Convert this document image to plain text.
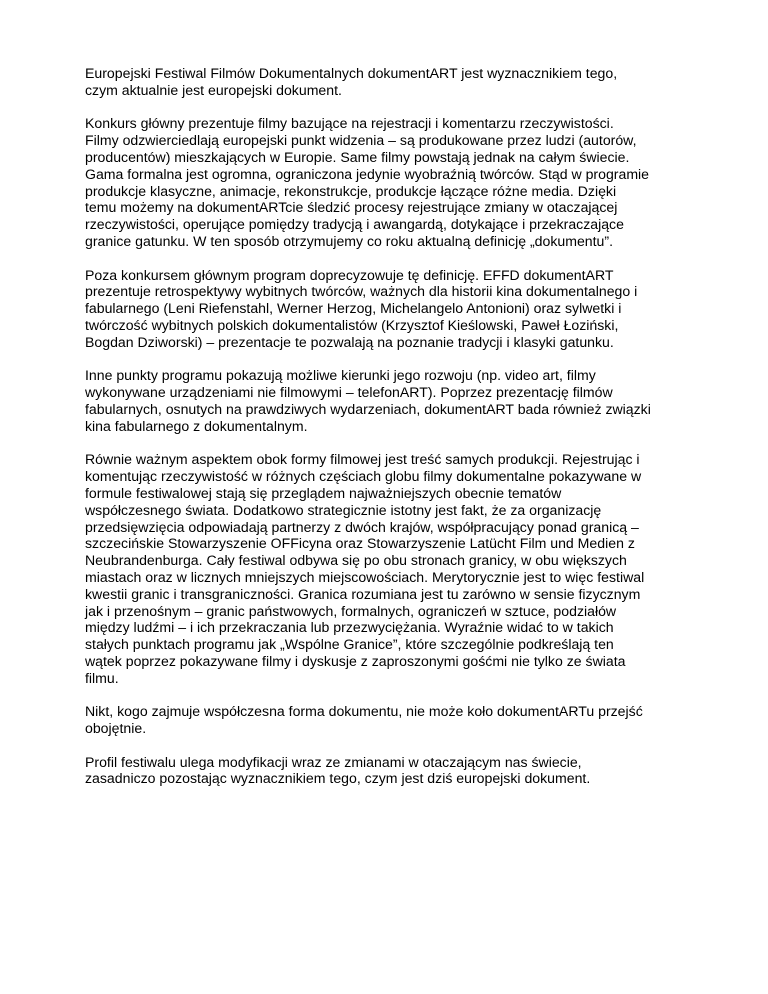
Europejski Festiwal Filmów Dokumentalnych dokumentART jest wyznacznikiem tego,
czym aktualnie jest europejski dokument.

Konkurs główny prezentuje filmy bazujące na rejestracji i komentarzu rzeczywistości.
Filmy odzwierciedlają europejski punkt widzenia – są produkowane przez ludzi (autorów,
producentów) mieszkających w Europie. Same filmy powstają jednak na całym świecie.
Gama formalna jest ogromna, ograniczona jedynie wyobraźnią twórców. Stąd w programie
produkcje klasyczne, animacje, rekonstrukcje, produkcje łączące różne media. Dzięki
temu możemy na dokumentARTcie śledzić procesy rejestrujące zmiany w otaczającej
rzeczywistości, operujące pomiędzy tradycją i awangardą, dotykające i przekraczające
granice gatunku. W ten sposób otrzymujemy co roku aktualną definicję „dokumentu”.

Poza konkursem głównym program doprecyzowuje tę definicję. EFFD dokumentART
prezentuje retrospektywy wybitnych twórców, ważnych dla historii kina dokumentalnego i
fabularnego (Leni Riefenstahl, Werner Herzog, Michelangelo Antonioni) oraz sylwetki i
twórczość wybitnych polskich dokumentalistów (Krzysztof Kieślowski, Paweł Łoziński,
Bogdan Dziworski) – prezentacje te pozwalają na poznanie tradycji i klasyki gatunku.

Inne punkty programu pokazują możliwe kierunki jego rozwoju (np. video art, filmy
wykonywane urządzeniami nie filmowymi – telefonART). Poprzez prezentację filmów
fabularnych, osnutych na prawdziwych wydarzeniach, dokumentART bada również związki
kina fabularnego z dokumentalnym.

Równie ważnym aspektem obok formy filmowej jest treść samych produkcji. Rejestrując i
komentując rzeczywistość w różnych częściach globu filmy dokumentalne pokazywane w
formule festiwalowej stają się przeglądem najważniejszych obecnie tematów
współczesnego świata. Dodatkowo strategicznie istotny jest fakt, że za organizację
przedsięwzięcia odpowiadają partnerzy z dwóch krajów, współpracujący ponad granicą –
szczecińskie Stowarzyszenie OFFicyna oraz Stowarzyszenie Latücht Film und Medien z
Neubrandenburga. Cały festiwal odbywa się po obu stronach granicy, w obu większych
miastach oraz w licznych mniejszych miejscowościach. Merytorycznie jest to więc festiwal
kwestii granic i transgraniczności. Granica rozumiana jest tu zarówno w sensie fizycznym
jak i przenośnym – granic państwowych, formalnych, ograniczeń w sztuce, podziałów
między ludźmi – i ich przekraczania lub przezwyciężania. Wyraźnie widać to w takich
stałych punktach programu jak „Wspólne Granice”, które szczególnie podkreślają ten
wątek poprzez pokazywane filmy i dyskusje z zaproszonymi gośćmi nie tylko ze świata
filmu.

Nikt, kogo zajmuje współczesna forma dokumentu, nie może koło dokumentARTu przejść
obojętnie.

Profil festiwalu ulega modyfikacji wraz ze zmianami w otaczającym nas świecie,
zasadniczo pozostając wyznacznikiem tego, czym jest dziś europejski dokument.
